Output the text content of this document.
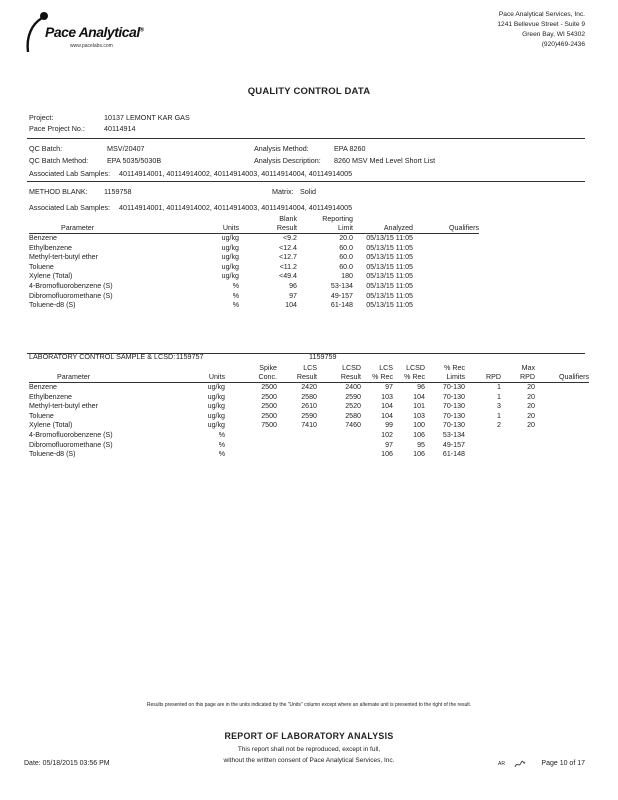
Pace Analytical®
www.pacelabs.com
Pace Analytical Services, Inc.
1241 Bellevue Street - Suite 9
Green Bay, WI 54302
(920)469-2436
QUALITY CONTROL DATA
Project:	10137 LEMONT KAR GAS
Pace Project No.:	40114914
QC Batch:	MSV/20407	Analysis Method:	EPA 8260
QC Batch Method:	EPA 5035/5030B	Analysis Description: 8260 MSV Med Level Short List
Associated Lab Samples: 40114914001, 40114914002, 40114914003, 40114914004, 40114914005
METHOD BLANK: 1159758	Matrix: Solid
Associated Lab Samples: 40114914001, 40114914002, 40114914003, 40114914004, 40114914005
		Blank	Reporting		
Parameter	Units	Result	Limit	Analyzed	Qualifiers
Benzene	ug/kg	<9.2	20.0	05/13/15 11:05	
Ethylbenzene	ug/kg	<12.4	60.0	05/13/15 11:05	
Methyl-tert-butyl ether	ug/kg	<12.7	60.0	05/13/15 11:05	
Toluene	ug/kg	<11.2	60.0	05/13/15 11:05	
Xylene (Total)	ug/kg	<49.4	180	05/13/15 11:05	
4-Bromofluorobenzene (S)	%	96	53-134	05/13/15 11:05	
Dibromofluoromethane (S)	%	97	49-157	05/13/15 11:05	
Toluene-d8 (S)	%	104	61-148	05/13/15 11:05	
LABORATORY CONTROL SAMPLE & LCSD: 1159757	1159759
		Spike	LCS	LCSD	LCS	LCSD	% Rec		Max	
Parameter	Units	Conc.	Result	Result	% Rec	% Rec	Limits	RPD	RPD	Qualifiers
Benzene	ug/kg	2500	2420	2400	97	96	70-130	1	20	
Ethylbenzene	ug/kg	2500	2580	2590	103	104	70-130	1	20	
Methyl-tert-butyl ether	ug/kg	2500	2610	2520	104	101	70-130	3	20	
Toluene	ug/kg	2500	2590	2580	104	103	70-130	1	20	
Xylene (Total)	ug/kg	7500	7410	7460	99	100	70-130	2	20	
4-Bromofluorobenzene (S)	%				102	106	53-134			
Dibromofluoromethane (S)	%				97	95	49-157			
Toluene-d8 (S)	%				106	106	61-148			
Results presented on this page are in the units indicated by the "Units" column except where an alternate unit is presented to the right of the result.
REPORT OF LABORATORY ANALYSIS
This report shall not be reproduced, except in full,
without the written consent of Pace Analytical Services, Inc.
Date: 05/18/2015 03:56 PM	AR	Page 10 of 17
